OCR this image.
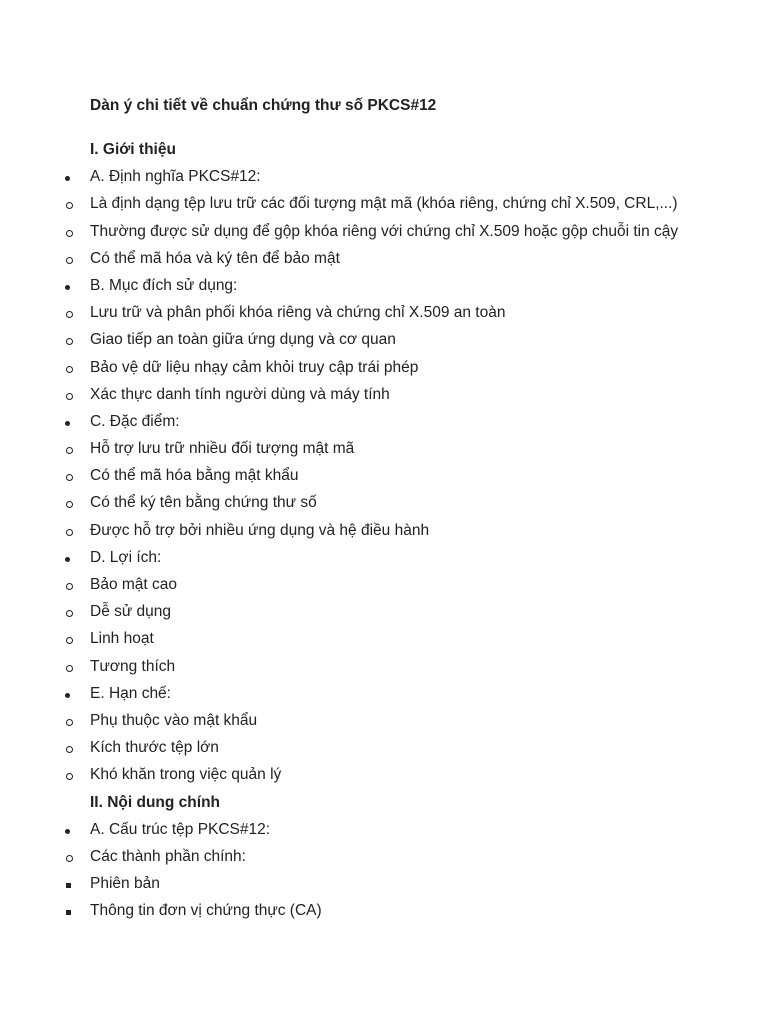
Dàn ý chi tiết về chuẩn chứng thư số PKCS#12
I. Giới thiệu
A. Định nghĩa PKCS#12:
Là định dạng tệp lưu trữ các đối tượng mật mã (khóa riêng, chứng chỉ X.509, CRL,...)
Thường được sử dụng để gộp khóa riêng với chứng chỉ X.509 hoặc gộp chuỗi tin cậy
Có thể mã hóa và ký tên để bảo mật
B. Mục đích sử dụng:
Lưu trữ và phân phối khóa riêng và chứng chỉ X.509 an toàn
Giao tiếp an toàn giữa ứng dụng và cơ quan
Bảo vệ dữ liệu nhạy cảm khỏi truy cập trái phép
Xác thực danh tính người dùng và máy tính
C. Đặc điểm:
Hỗ trợ lưu trữ nhiều đối tượng mật mã
Có thể mã hóa bằng mật khẩu
Có thể ký tên bằng chứng thư số
Được hỗ trợ bởi nhiều ứng dụng và hệ điều hành
D. Lợi ích:
Bảo mật cao
Dễ sử dụng
Linh hoạt
Tương thích
E. Hạn chế:
Phụ thuộc vào mật khẩu
Kích thước tệp lớn
Khó khăn trong việc quản lý
II. Nội dung chính
A. Cấu trúc tệp PKCS#12:
Các thành phần chính:
Phiên bản
Thông tin đơn vị chứng thực (CA)
